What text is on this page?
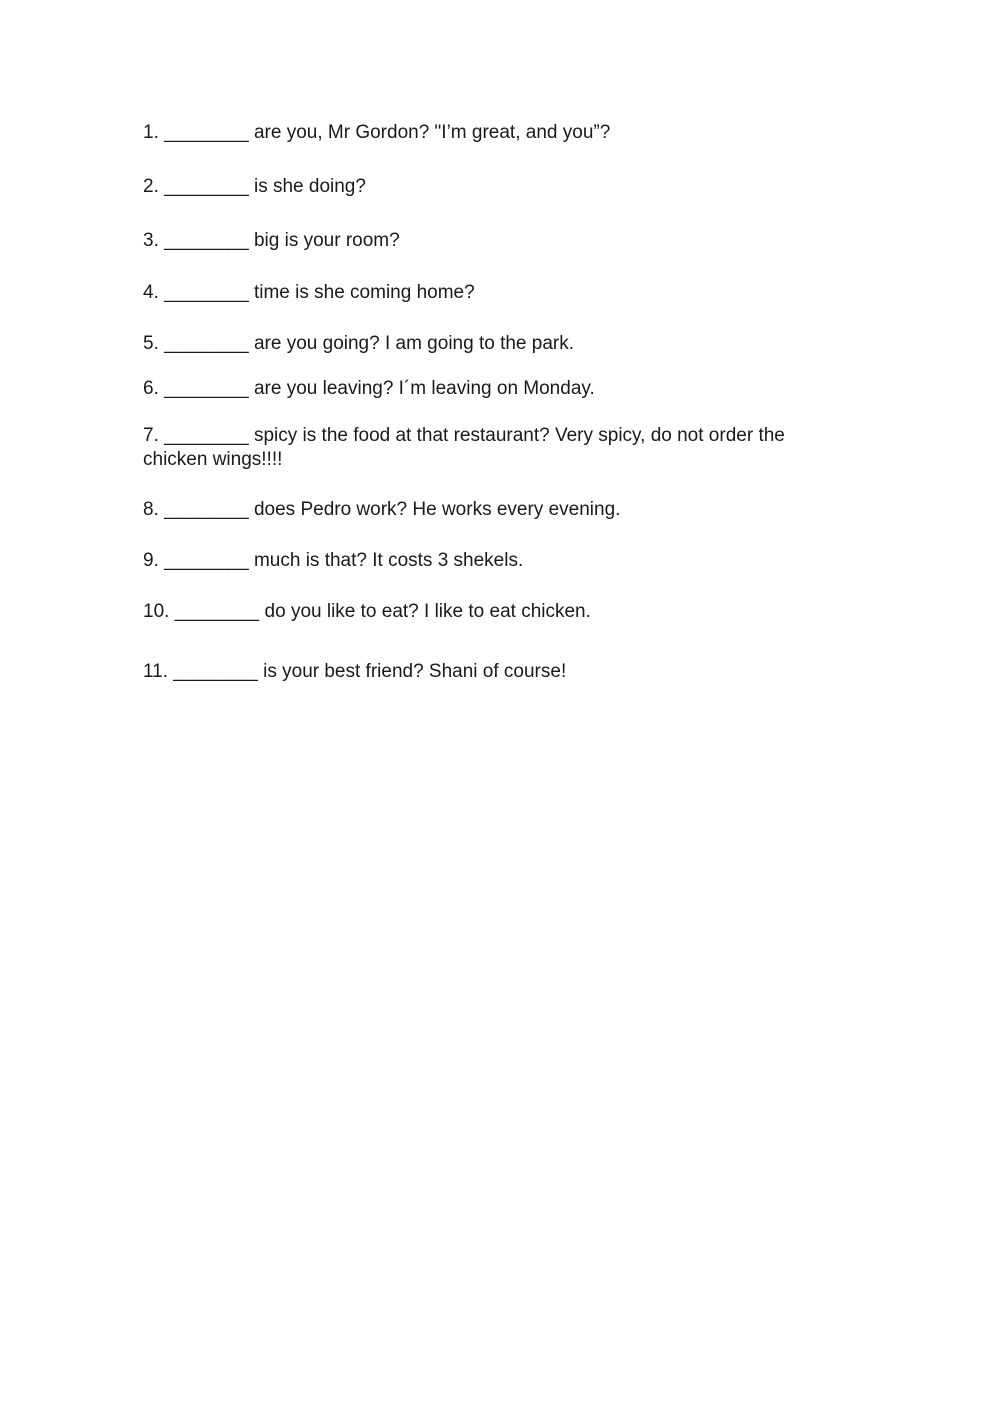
1. ________ are you, Mr Gordon? "I’m great, and you”?

2. ________ is she doing?

3. ________ big is your room?

4. ________ time is she coming home?

5. ________ are you going? I am going to the park.

6. ________ are you leaving? I´m leaving on Monday.

7. ________ spicy is the food at that restaurant? Very spicy, do not order the chicken wings!!!!

8. ________ does Pedro work? He works every evening.

9. ________ much is that? It costs 3 shekels.

10. ________ do you like to eat? I like to eat chicken.

11. ________ is your best friend? Shani of course!
